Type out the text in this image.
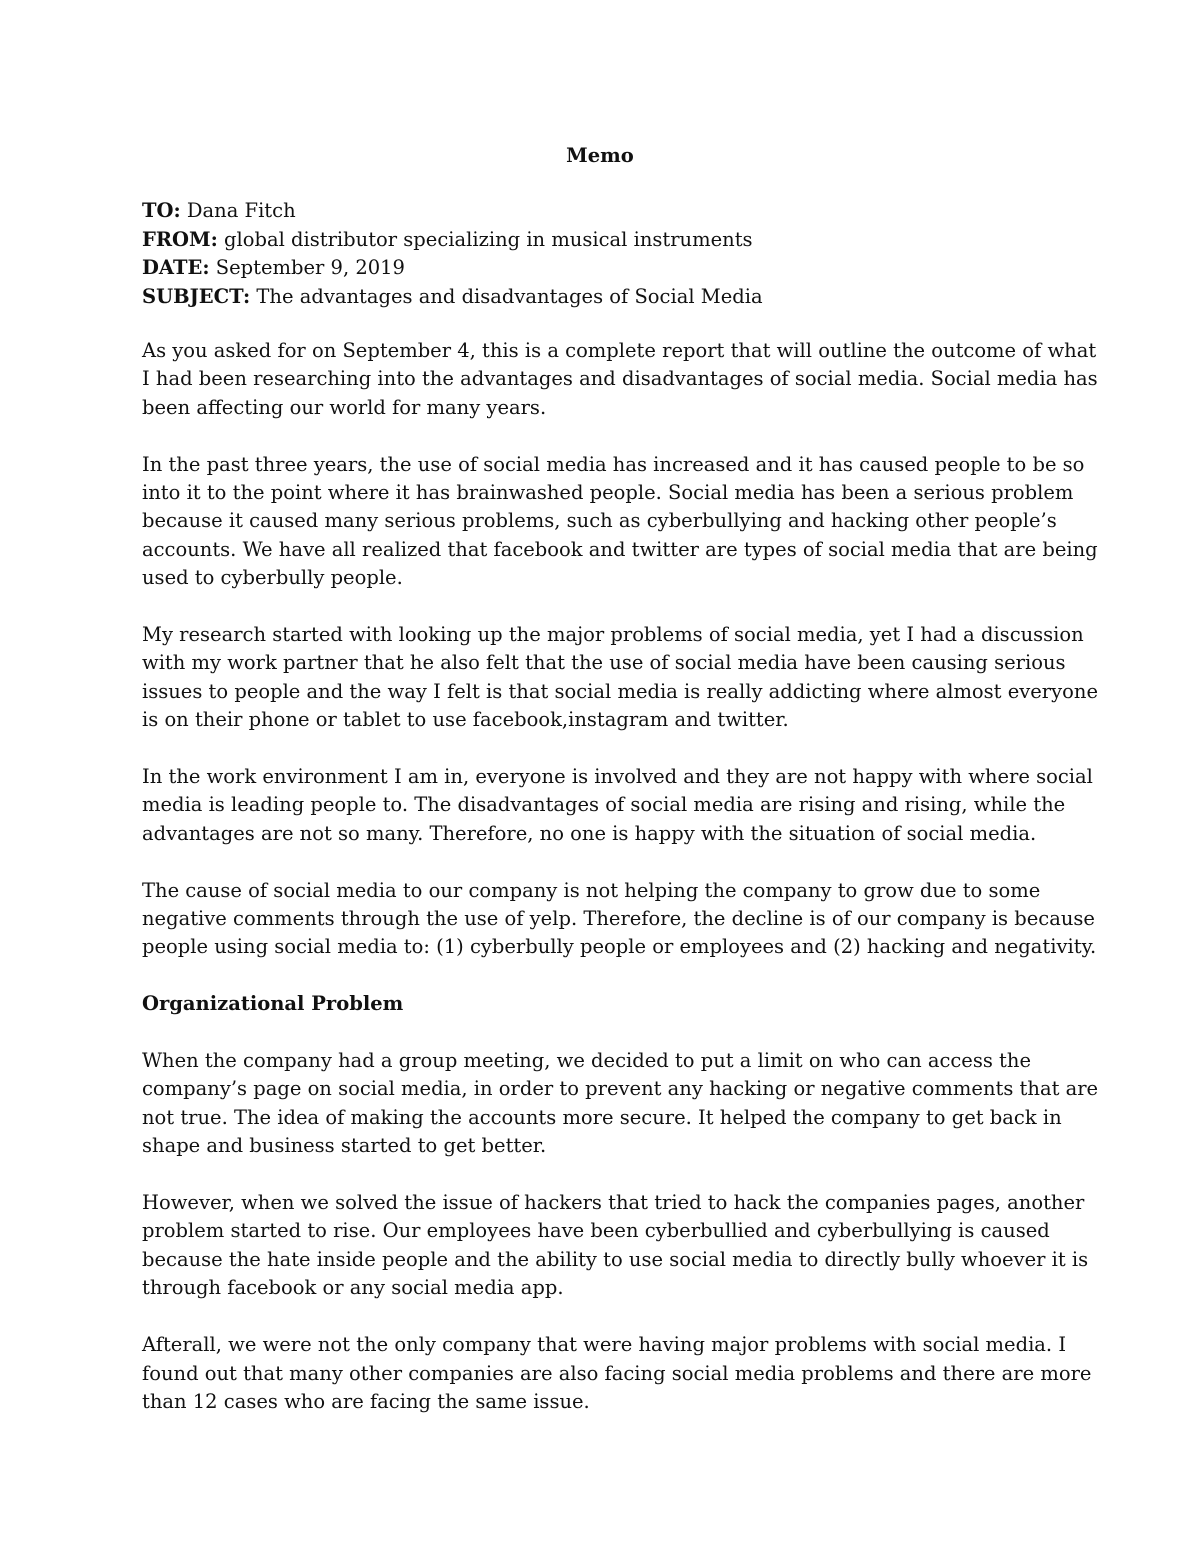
Memo

TO: Dana Fitch

FROM: global distributor specializing in musical instruments

DATE: September 9, 2019

SUBJECT: The advantages and disadvantages of Social Media

As you asked for on September 4, this is a complete report that will outline the outcome of what
I had been researching into the advantages and disadvantages of social media. Social media has
been affecting our world for many years.

In the past three years, the use of social media has increased and it has caused people to be so
into it to the point where it has brainwashed people. Social media has been a serious problem
because it caused many serious problems, such as cyberbullying and hacking other people’s
accounts. We have all realized that facebook and twitter are types of social media that are being
used to cyberbully people.

My research started with looking up the major problems of social media, yet I had a discussion
with my work partner that he also felt that the use of social media have been causing serious
issues to people and the way I felt is that social media is really addicting where almost everyone
is on their phone or tablet to use facebook,instagram and twitter.

In the work environment I am in, everyone is involved and they are not happy with where social
media is leading people to. The disadvantages of social media are rising and rising, while the
advantages are not so many. Therefore, no one is happy with the situation of social media.

The cause of social media to our company is not helping the company to grow due to some
negative comments through the use of yelp. Therefore, the decline is of our company is because
people using social media to: (1) cyberbully people or employees and (2) hacking and negativity.

Organizational Problem

When the company had a group meeting, we decided to put a limit on who can access the
company’s page on social media, in order to prevent any hacking or negative comments that are
not true. The idea of making the accounts more secure. It helped the company to get back in
shape and business started to get better.

However, when we solved the issue of hackers that tried to hack the companies pages, another
problem started to rise. Our employees have been cyberbullied and cyberbullying is caused
because the hate inside people and the ability to use social media to directly bully whoever it is
through facebook or any social media app.

Afterall, we were not the only company that were having major problems with social media. I
found out that many other companies are also facing social media problems and there are more
than 12 cases who are facing the same issue.
